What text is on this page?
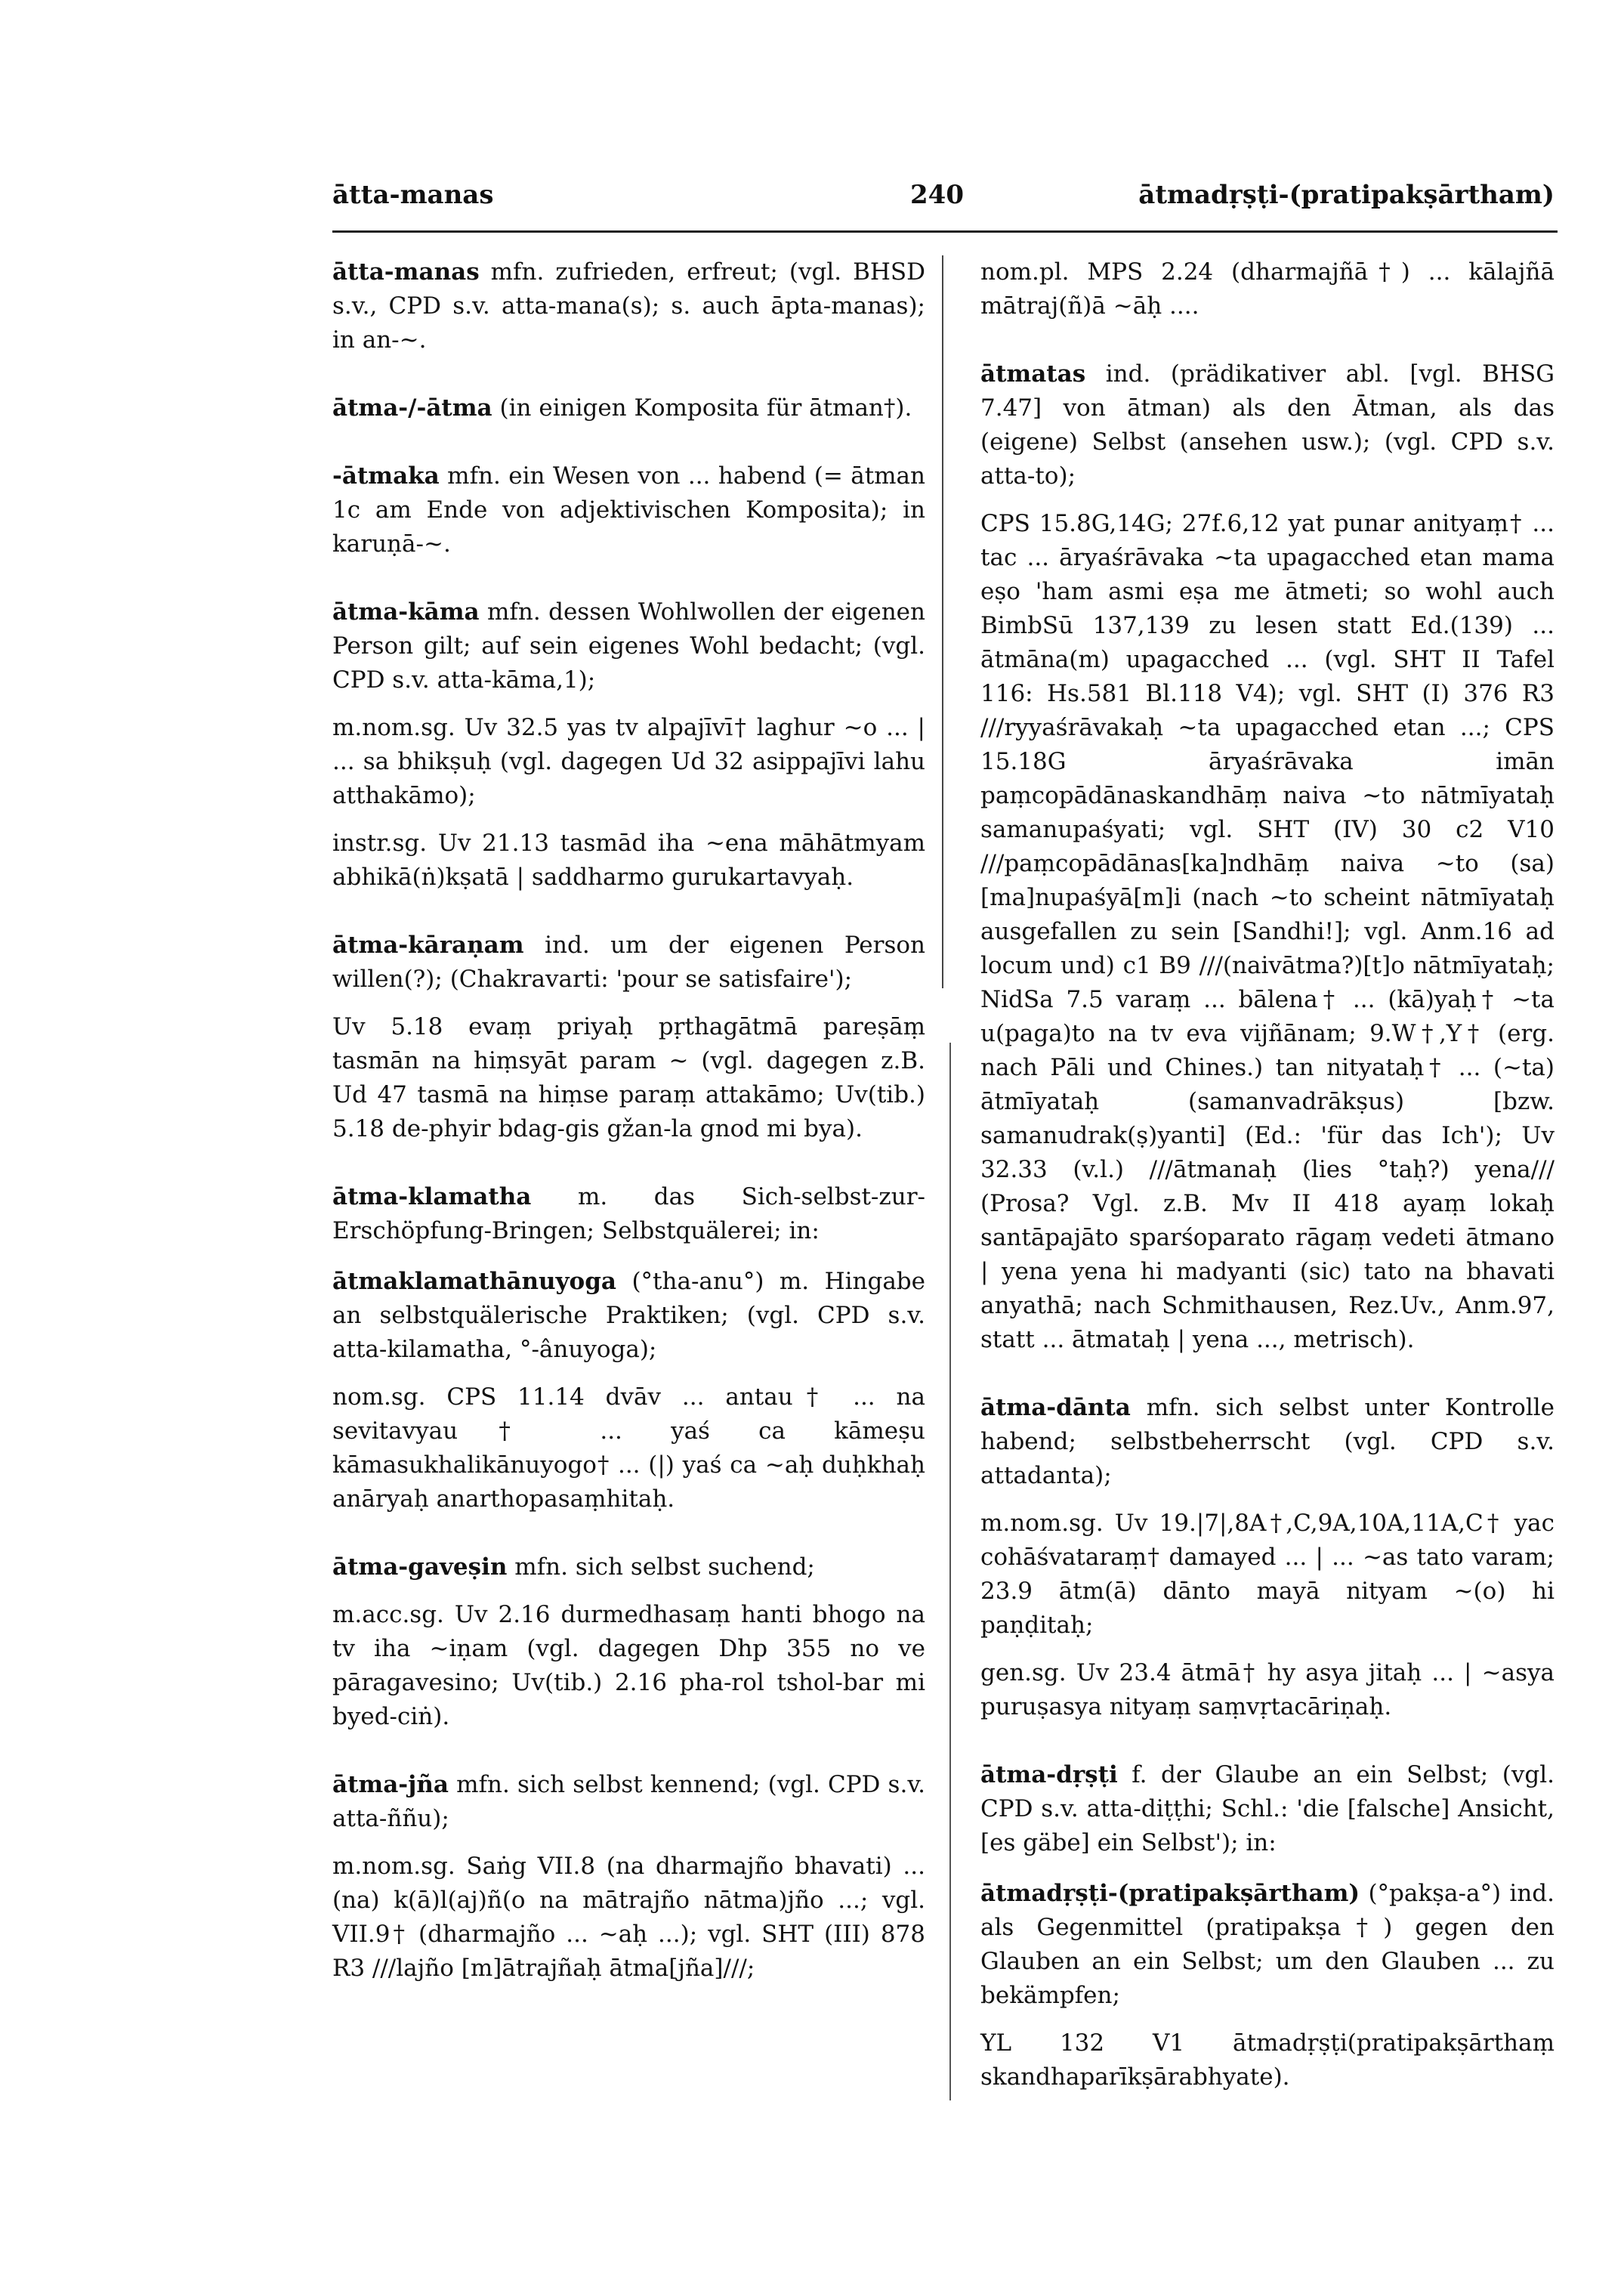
ātta-manas	240	ātmadṛṣṭi-(pratipakṣārtham)
ātta-manas mfn. zufrieden, erfreut; (vgl. BHSD s.v., CPD s.v. atta-mana(s); s. auch āpta-manas); in an-~.
ātma-/-ātma (in einigen Komposita für ātman†).
-ātmaka mfn. ein Wesen von ... habend (= ātman 1c am Ende von adjektivischen Komposita); in karuṇā-~.
ātma-kāma mfn. dessen Wohlwollen der eigenen Person gilt; auf sein eigenes Wohl bedacht; (vgl. CPD s.v. atta-kāma,1);
m.nom.sg. Uv 32.5 yas tv alpajīvī† laghur ~o ... | ... sa bhikṣuḥ (vgl. dagegen Ud 32 asippajīvi lahu atthakāmo);
instr.sg. Uv 21.13 tasmād iha ~ena māhātmyam abhikā(ṅ)kṣatā | saddharmo gurukartavyaḥ.
ātma-kāraṇam ind. um der eigenen Person willen(?); (Chakravarti: 'pour se satisfaire');
Uv 5.18 evaṃ priyaḥ pṛthagātmā pareṣāṃ tasmān na hiṃsyāt param ~ (vgl. dagegen z.B. Ud 47 tasmā na hiṃse paraṃ attakāmo; Uv(tib.) 5.18 de-phyir bdag-gis gžan-la gnod mi bya).
ātma-klamatha m. das Sich-selbst-zur-Erschöpfung-Bringen; Selbstquälerei; in:
ātmaklamathānuyoga (°tha-anu°) m. Hingabe an selbstquälerische Praktiken; (vgl. CPD s.v. atta-kilamatha, °-ânuyoga);
nom.sg. CPS 11.14 dvāv ... antau† ... na sevitavyau† ... yaś ca kāmeṣu kāmasukhalikānuyogo† ... (|) yaś ca ~aḥ duḥkhaḥ anāryaḥ anarthopasaṃhitaḥ.
ātma-gaveṣin mfn. sich selbst suchend;
m.acc.sg. Uv 2.16 durmedhasaṃ hanti bhogo na tv iha ~iṇam (vgl. dagegen Dhp 355 no ve pāragavesino; Uv(tib.) 2.16 pha-rol tshol-bar mi byed-ciṅ).
ātma-jña mfn. sich selbst kennend; (vgl. CPD s.v. atta-ññu);
m.nom.sg. Saṅg VII.8 (na dharmajño bhavati) ... (na) k(ā)l(aj)ñ(o na mātrajño nātma)jño ...; vgl. VII.9† (dharmajño ... ~aḥ ...); vgl. SHT (III) 878 R3 ///lajño [m]ātrajñaḥ ātma[jña]///;
nom.pl. MPS 2.24 (dharmajñā†) ... kālajñā mātraj(ñ)ā ~āḥ ....
ātmatas ind. (prädikativer abl. [vgl. BHSG 7.47] von ātman) als den Ātman, als das (eigene) Selbst (ansehen usw.); (vgl. CPD s.v. atta-to);
CPS 15.8G,14G; 27f.6,12 yat punar anityaṃ† ... tac ... āryaśrāvaka ~ta upagacched etan mama eṣo 'ham asmi eṣa me ātmeti; so wohl auch BimbSū 137,139 zu lesen statt Ed.(139) ... ātmāna(m) upagacched ... (vgl. SHT II Tafel 116: Hs.581 Bl.118 V4); vgl. SHT (I) 376 R3 ///ryyaśrāvakaḥ ~ta upagacched etan ...; CPS 15.18G āryaśrāvaka imān paṃcopādānaskandhāṃ naiva ~to nātmīyataḥ samanupaśyati; vgl. SHT (IV) 30 c2 V10 ///paṃcopādānas[ka]ndhāṃ naiva ~to (sa)[ma]nupaśyā[m]i (nach ~to scheint nātmīyataḥ ausgefallen zu sein [Sandhi!]; vgl. Anm.16 ad locum und) c1 B9 ///(naivātma?)[t]o nātmīyataḥ; NidSa 7.5 varaṃ ... bālena† ... (kā)yaḥ† ~ta u(paga)to na tv eva vijñānam; 9.W†,Y† (erg. nach Pāli und Chines.) tan nityataḥ† ... (~ta) ātmīyataḥ (samanvadrākṣus) [bzw. samanudrak(ṣ)yanti] (Ed.: 'für das Ich'); Uv 32.33 (v.l.) ///ātmanaḥ (lies °taḥ?) yena/// (Prosa? Vgl. z.B. Mv II 418 ayaṃ lokaḥ santāpajāto sparśoparato rāgaṃ vedeti ātmano | yena yena hi madyanti (sic) tato na bhavati anyathā; nach Schmithausen, Rez.Uv., Anm.97, statt ... ātmataḥ | yena ..., metrisch).
ātma-dānta mfn. sich selbst unter Kontrolle habend; selbstbeherrscht (vgl. CPD s.v. attadanta);
m.nom.sg. Uv 19.|7|,8A†,C,9A,10A,11A,C† yac cohāśvataraṃ† damayed ... | ... ~as tato varam; 23.9 ātm(ā) dānto mayā nityam ~(o) hi paṇḍitaḥ;
gen.sg. Uv 23.4 ātmā† hy asya jitaḥ ... | ~asya puruṣasya nityaṃ saṃvṛtacāriṇaḥ.
ātma-dṛṣṭi f. der Glaube an ein Selbst; (vgl. CPD s.v. atta-diṭṭhi; Schl.: 'die [falsche] Ansicht, [es gäbe] ein Selbst'); in:
ātmadṛṣṭi-(pratipakṣārtham) (°pakṣa-a°) ind. als Gegenmittel (pratipakṣa†) gegen den Glauben an ein Selbst; um den Glauben ... zu bekämpfen;
YL 132 V1 ātmadṛṣṭi(pratipakṣārthaṃ skandhaparīkṣārabhyate).
